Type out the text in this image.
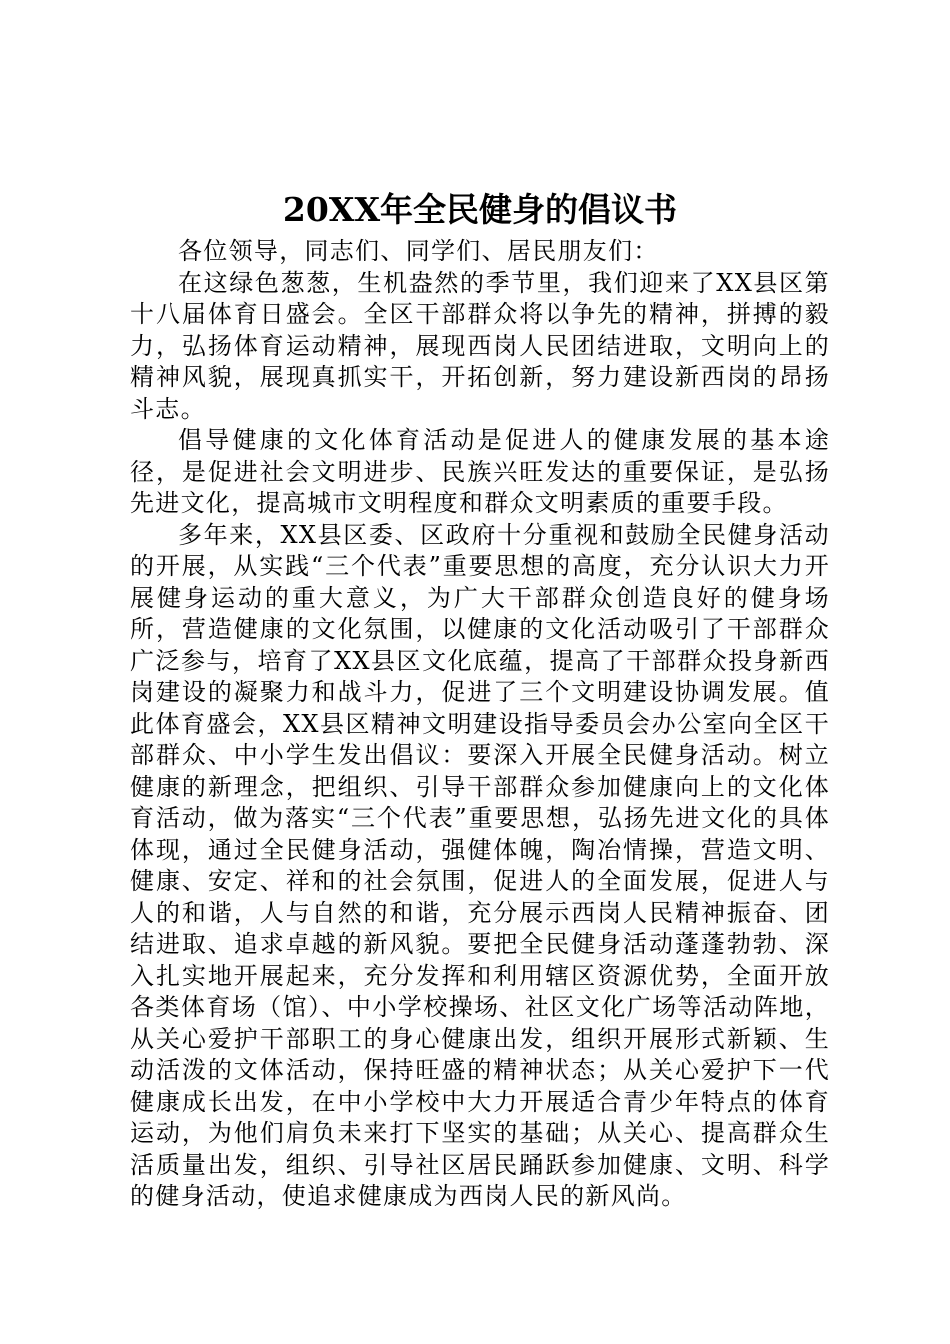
20XX年全民健身的倡议书

各位领导，同志们、同学们、居民朋友们：

在这绿色葱葱，生机盎然的季节里，我们迎来了XX县区第十八届体育日盛会。全区干部群众将以争先的精神，拼搏的毅力，弘扬体育运动精神，展现西岗人民团结进取，文明向上的精神风貌，展现真抓实干，开拓创新，努力建设新西岗的昂扬斗志。

倡导健康的文化体育活动是促进人的健康发展的基本途径，是促进社会文明进步、民族兴旺发达的重要保证，是弘扬先进文化，提高城市文明程度和群众文明素质的重要手段。

多年来，XX县区委、区政府十分重视和鼓励全民健身活动的开展，从实践“三个代表”重要思想的高度，充分认识大力开展健身运动的重大意义，为广大干部群众创造良好的健身场所，营造健康的文化氛围，以健康的文化活动吸引了干部群众广泛参与，培育了XX县区文化底蕴，提高了干部群众投身新西岗建设的凝聚力和战斗力，促进了三个文明建设协调发展。值此体育盛会，XX县区精神文明建设指导委员会办公室向全区干部群众、中小学生发出倡议：要深入开展全民健身活动。树立健康的新理念，把组织、引导干部群众参加健康向上的文化体育活动，做为落实“三个代表”重要思想，弘扬先进文化的具体体现，通过全民健身活动，强健体魄，陶冶情操，营造文明、健康、安定、祥和的社会氛围，促进人的全面发展，促进人与人的和谐，人与自然的和谐，充分展示西岗人民精神振奋、团结进取、追求卓越的新风貌。要把全民健身活动蓬蓬勃勃、深入扎实地开展起来，充分发挥和利用辖区资源优势，全面开放各类体育场（馆）、中小学校操场、社区文化广场等活动阵地，从关心爱护干部职工的身心健康出发，组织开展形式新颖、生动活泼的文体活动，保持旺盛的精神状态；从关心爱护下一代健康成长出发，在中小学校中大力开展适合青少年特点的体育运动，为他们肩负未来打下坚实的基础；从关心、提高群众生活质量出发，组织、引导社区居民踊跃参加健康、文明、科学的健身活动，使追求健康成为西岗人民的新风尚。
